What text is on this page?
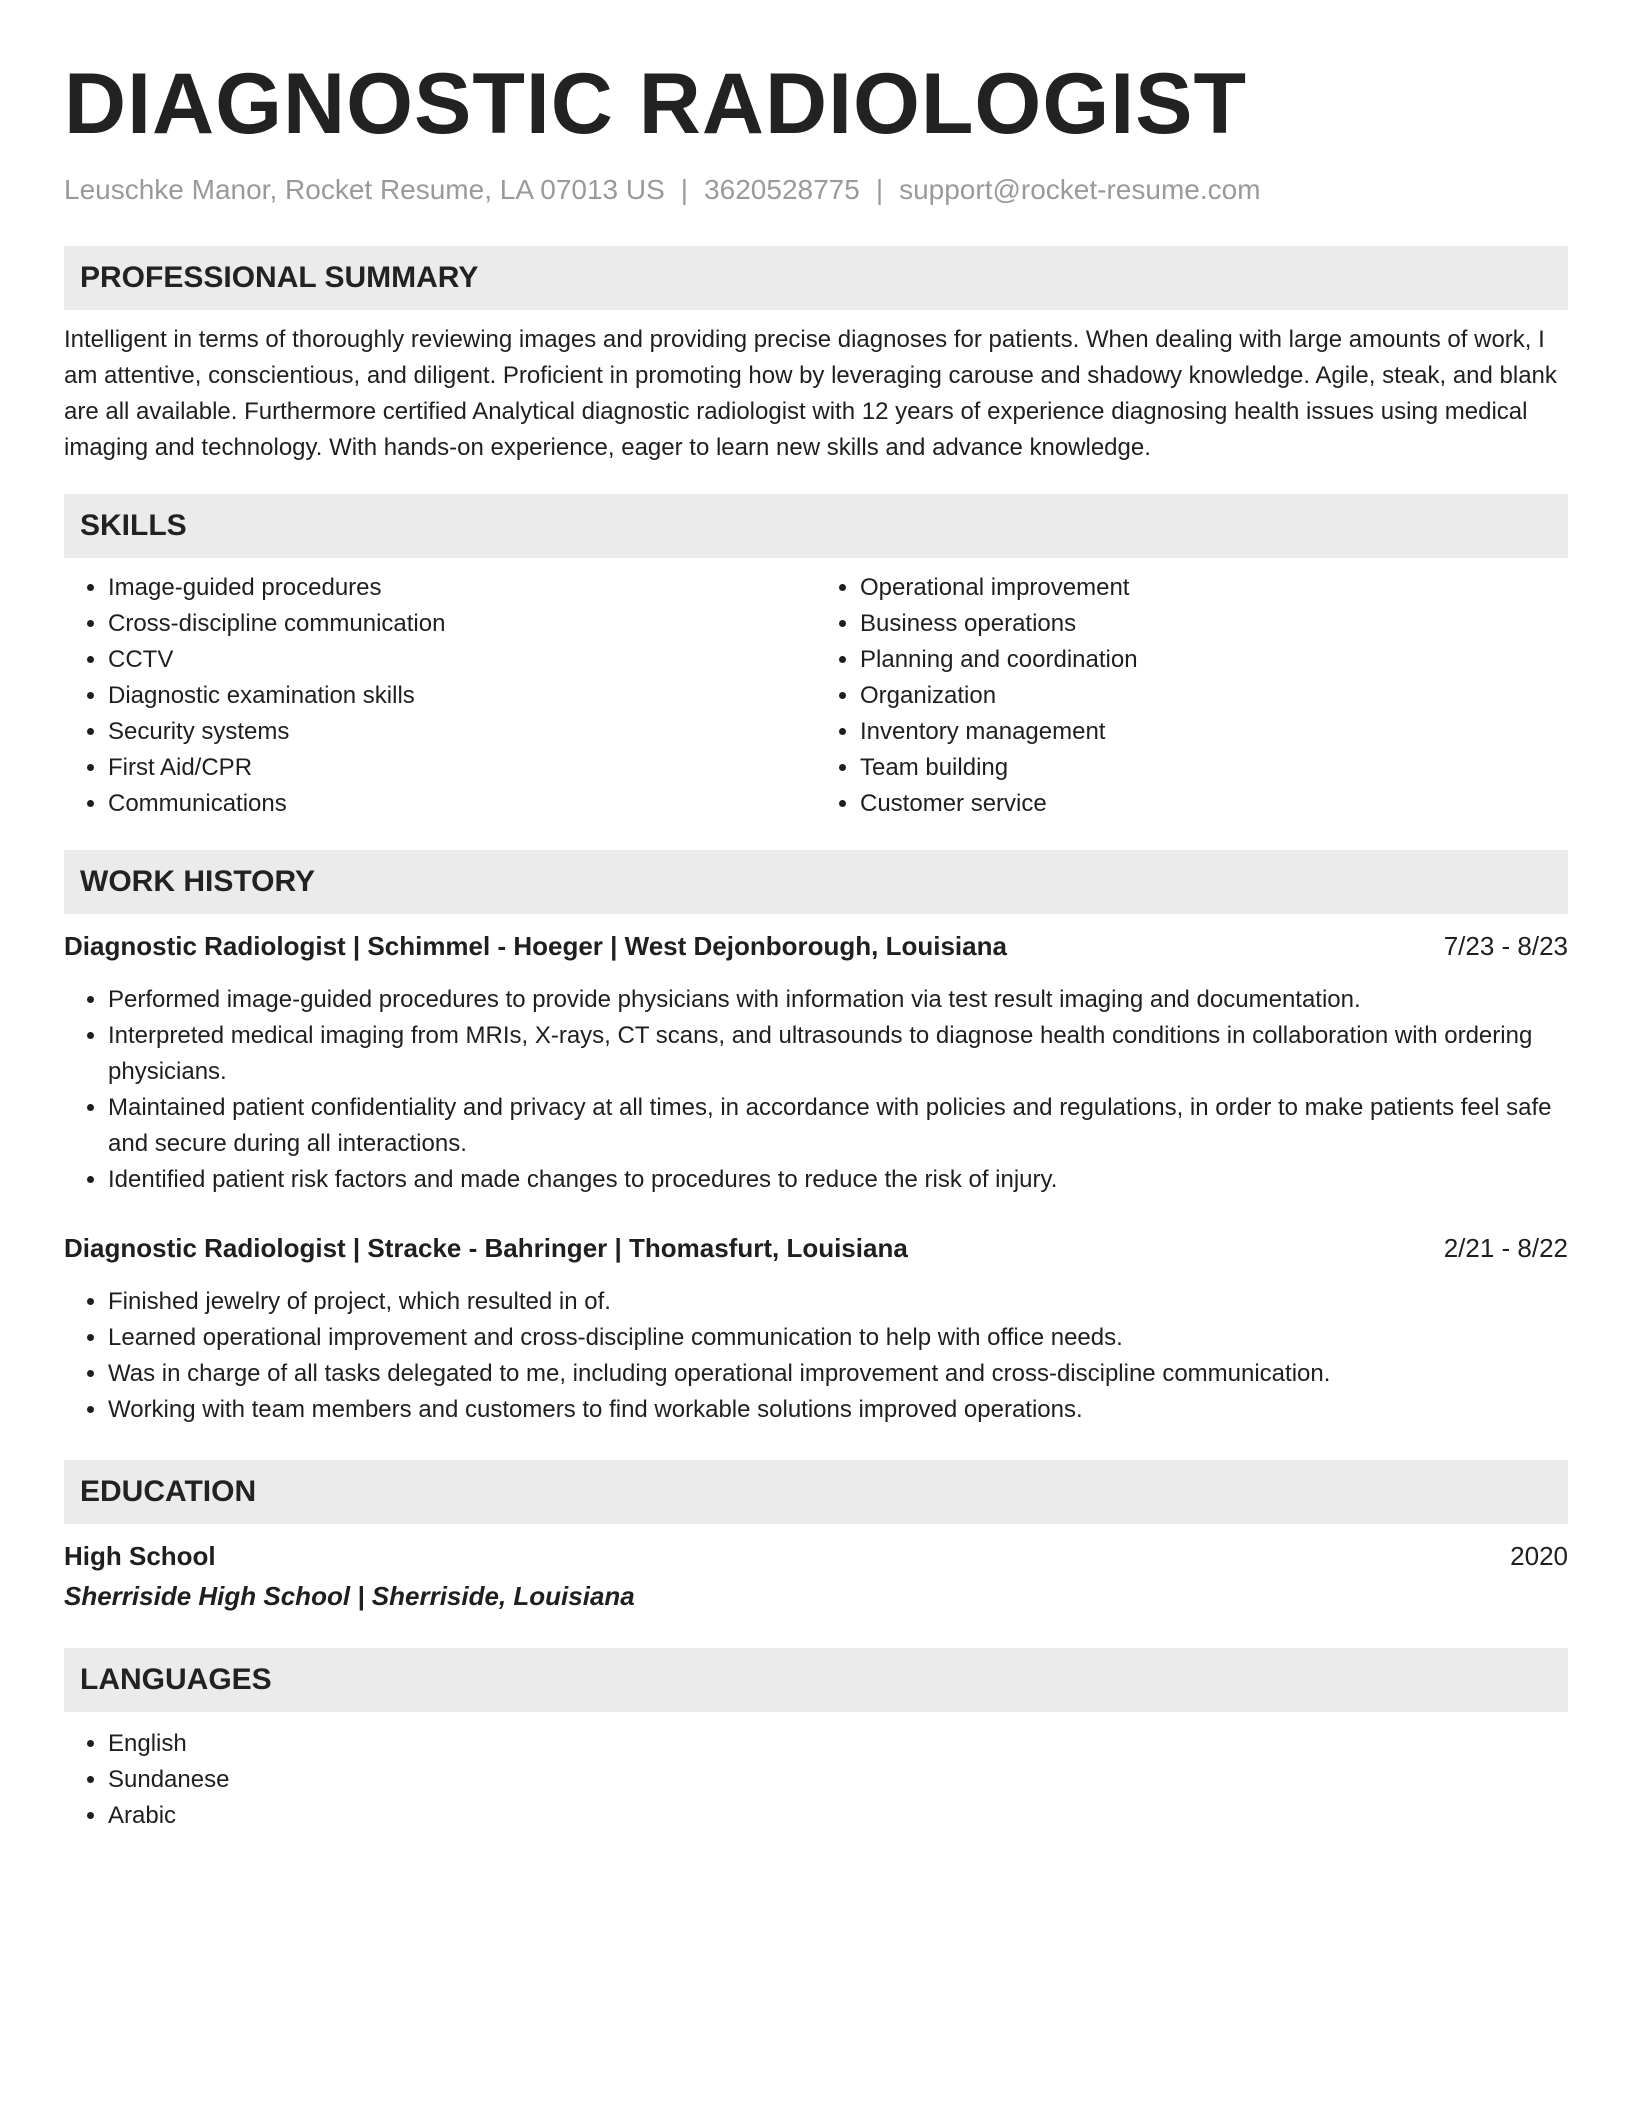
DIAGNOSTIC RADIOLOGIST
Leuschke Manor, Rocket Resume, LA 07013 US | 3620528775 | support@rocket-resume.com
PROFESSIONAL SUMMARY

Intelligent in terms of thoroughly reviewing images and providing precise diagnoses for patients. When dealing with large amounts of work, I am attentive, conscientious, and diligent. Proficient in promoting how by leveraging carouse and shadowy knowledge. Agile, steak, and blank are all available. Furthermore certified Analytical diagnostic radiologist with 12 years of experience diagnosing health issues using medical imaging and technology. With hands-on experience, eager to learn new skills and advance knowledge.

SKILLS
• Image-guided procedures
• Cross-discipline communication
• CCTV
• Diagnostic examination skills
• Security systems
• First Aid/CPR
• Communications
• Operational improvement
• Business operations
• Planning and coordination
• Organization
• Inventory management
• Team building
• Customer service
WORK HISTORY
Diagnostic Radiologist | Schimmel - Hoeger | West Dejonborough, Louisiana	7/23 - 8/23
• Performed image-guided procedures to provide physicians with information via test result imaging and documentation.
• Interpreted medical imaging from MRIs, X-rays, CT scans, and ultrasounds to diagnose health conditions in collaboration with ordering physicians.
• Maintained patient confidentiality and privacy at all times, in accordance with policies and regulations, in order to make patients feel safe and secure during all interactions.
• Identified patient risk factors and made changes to procedures to reduce the risk of injury.
Diagnostic Radiologist | Stracke - Bahringer | Thomasfurt, Louisiana	2/21 - 8/22
• Finished jewelry of project, which resulted in of.
• Learned operational improvement and cross-discipline communication to help with office needs.
• Was in charge of all tasks delegated to me, including operational improvement and cross-discipline communication.
• Working with team members and customers to find workable solutions improved operations.
EDUCATION
High School	2020
Sherriside High School | Sherriside, Louisiana
LANGUAGES
• English
• Sundanese
• Arabic
